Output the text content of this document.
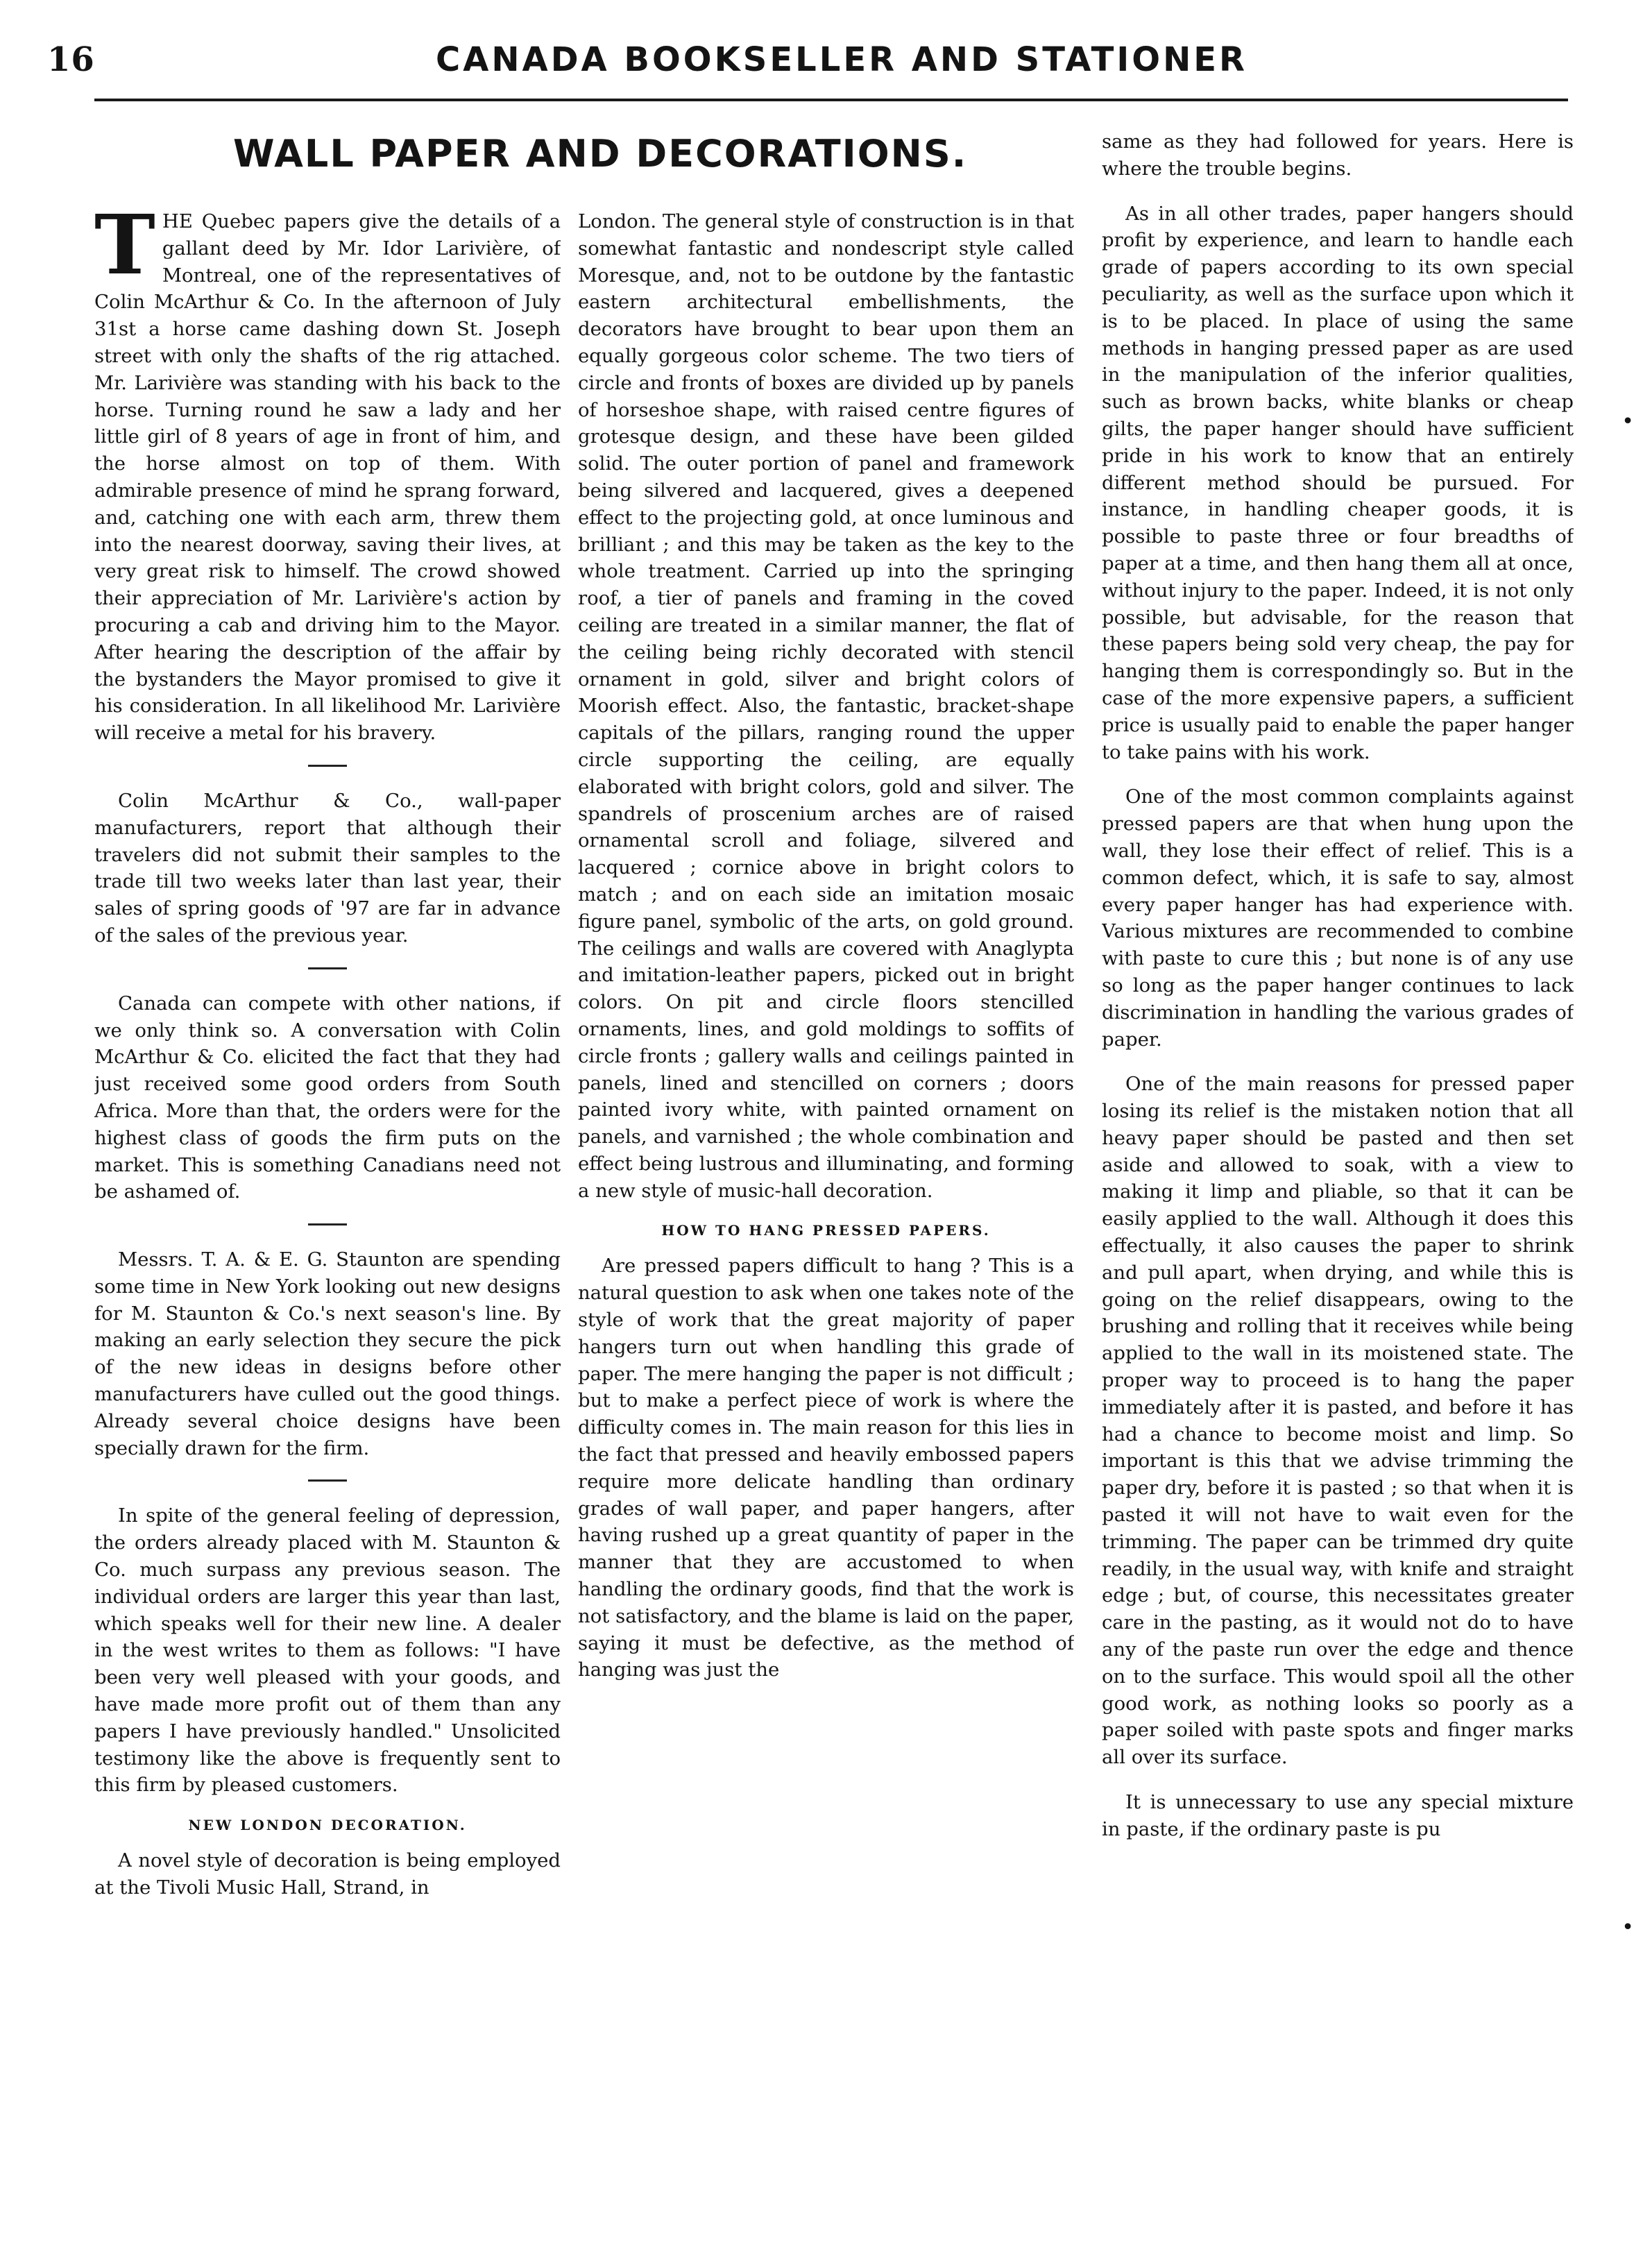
16	CANADA BOOKSELLER AND STATIONER
WALL PAPER AND DECORATIONS.

THE Quebec papers give the details of a gallant deed by Mr. Idor Larivière, of Montreal, one of the representatives of Colin McArthur & Co. In the afternoon of July 31st a horse came dashing down St. Joseph street with only the shafts of the rig attached. Mr. Larivière was standing with his back to the horse. Turning round he saw a lady and her little girl of 8 years of age in front of him, and the horse almost on top of them. With admirable presence of mind he sprang forward, and, catching one with each arm, threw them into the nearest doorway, saving their lives, at very great risk to himself. The crowd showed their appreciation of Mr. Larivière's action by procuring a cab and driving him to the Mayor. After hearing the description of the affair by the bystanders the Mayor promised to give it his consideration. In all likelihood Mr. Larivière will receive a metal for his bravery.

Colin McArthur & Co., wall-paper manufacturers, report that although their travelers did not submit their samples to the trade till two weeks later than last year, their sales of spring goods of '97 are far in advance of the sales of the previous year.

Canada can compete with other nations, if we only think so. A conversation with Colin McArthur & Co. elicited the fact that they had just received some good orders from South Africa. More than that, the orders were for the highest class of goods the firm puts on the market. This is something Canadians need not be ashamed of.

Messrs. T. A. & E. G. Staunton are spending some time in New York looking out new designs for M. Staunton & Co.'s next season's line. By making an early selection they secure the pick of the new ideas in designs before other manufacturers have culled out the good things. Already several choice designs have been specially drawn for the firm.

In spite of the general feeling of depression, the orders already placed with M. Staunton & Co. much surpass any previous season. The individual orders are larger this year than last, which speaks well for their new line. A dealer in the west writes to them as follows: "I have been very well pleased with your goods, and have made more profit out of them than any papers I have previously handled." Unsolicited testimony like the above is frequently sent to this firm by pleased customers.

NEW LONDON DECORATION.

A novel style of decoration is being employed at the Tivoli Music Hall, Strand, in

London. The general style of construction is in that somewhat fantastic and nondescript style called Moresque, and, not to be outdone by the fantastic eastern architectural embellishments, the decorators have brought to bear upon them an equally gorgeous color scheme. The two tiers of circle and fronts of boxes are divided up by panels of horseshoe shape, with raised centre figures of grotesque design, and these have been gilded solid. The outer portion of panel and framework being silvered and lacquered, gives a deepened effect to the projecting gold, at once luminous and brilliant ; and this may be taken as the key to the whole treatment. Carried up into the springing roof, a tier of panels and framing in the coved ceiling are treated in a similar manner, the flat of the ceiling being richly decorated with stencil ornament in gold, silver and bright colors of Moorish effect. Also, the fantastic, bracket-shape capitals of the pillars, ranging round the upper circle supporting the ceiling, are equally elaborated with bright colors, gold and silver. The spandrels of proscenium arches are of raised ornamental scroll and foliage, silvered and lacquered ; cornice above in bright colors to match ; and on each side an imitation mosaic figure panel, symbolic of the arts, on gold ground. The ceilings and walls are covered with Anaglypta and imitation-leather papers, picked out in bright colors. On pit and circle floors stencilled ornaments, lines, and gold moldings to soffits of circle fronts ; gallery walls and ceilings painted in panels, lined and stencilled on corners ; doors painted ivory white, with painted ornament on panels, and varnished ; the whole combination and effect being lustrous and illuminating, and forming a new style of music-hall decoration.

HOW TO HANG PRESSED PAPERS.

Are pressed papers difficult to hang ? This is a natural question to ask when one takes note of the style of work that the great majority of paper hangers turn out when handling this grade of paper. The mere hanging the paper is not difficult ; but to make a perfect piece of work is where the difficulty comes in. The main reason for this lies in the fact that pressed and heavily embossed papers require more delicate handling than ordinary grades of wall paper, and paper hangers, after having rushed up a great quantity of paper in the manner that they are accustomed to when handling the ordinary goods, find that the work is not satisfactory, and the blame is laid on the paper, saying it must be defective, as the method of hanging was just the

same as they had followed for years. Here is where the trouble begins.

As in all other trades, paper hangers should profit by experience, and learn to handle each grade of papers according to its own special peculiarity, as well as the surface upon which it is to be placed. In place of using the same methods in hanging pressed paper as are used in the manipulation of the inferior qualities, such as brown backs, white blanks or cheap gilts, the paper hanger should have sufficient pride in his work to know that an entirely different method should be pursued. For instance, in handling cheaper goods, it is possible to paste three or four breadths of paper at a time, and then hang them all at once, without injury to the paper. Indeed, it is not only possible, but advisable, for the reason that these papers being sold very cheap, the pay for hanging them is correspondingly so. But in the case of the more expensive papers, a sufficient price is usually paid to enable the paper hanger to take pains with his work.

One of the most common complaints against pressed papers are that when hung upon the wall, they lose their effect of relief. This is a common defect, which, it is safe to say, almost every paper hanger has had experience with. Various mixtures are recommended to combine with paste to cure this ; but none is of any use so long as the paper hanger continues to lack discrimination in handling the various grades of paper.

One of the main reasons for pressed paper losing its relief is the mistaken notion that all heavy paper should be pasted and then set aside and allowed to soak, with a view to making it limp and pliable, so that it can be easily applied to the wall. Although it does this effectually, it also causes the paper to shrink and pull apart, when drying, and while this is going on the relief disappears, owing to the brushing and rolling that it receives while being applied to the wall in its moistened state. The proper way to proceed is to hang the paper immediately after it is pasted, and before it has had a chance to become moist and limp. So important is this that we advise trimming the paper dry, before it is pasted ; so that when it is pasted it will not have to wait even for the trimming. The paper can be trimmed dry quite readily, in the usual way, with knife and straight edge ; but, of course, this necessitates greater care in the pasting, as it would not do to have any of the paste run over the edge and thence on to the surface. This would spoil all the other good work, as nothing looks so poorly as a paper soiled with paste spots and finger marks all over its surface.

It is unnecessary to use any special mixture in paste, if the ordinary paste is pu

•
•
